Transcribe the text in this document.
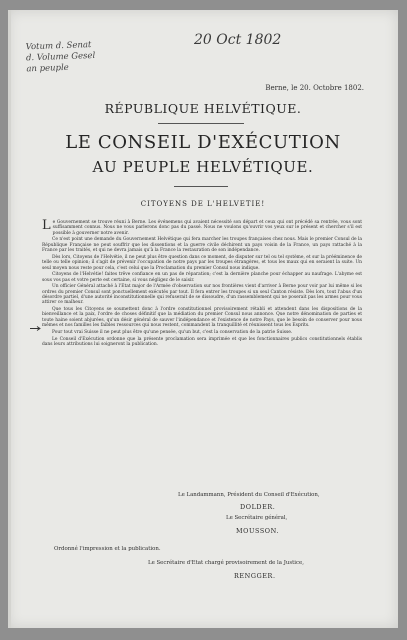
Votum d. Senat
d. Volume Gesel
an peuple
20 Oct 1802
Berne, le 20. Octobre 1802.
RÉPUBLIQUE HELVÉTIQUE.
LE CONSEIL D'EXÉCUTION
AU PEUPLE HELVÉTIQUE.
CITOYENS DE L'HELVETIE!

Le Gouvernement se trouve réuni à Berne. Les événemens qui avaient nécessité son départ et ceux qui ont précédé sa rentrée, vous sont suffisamment connus. Nous ne vous parlerons donc pas du passé. Nous ne voulons qu'ouvrir vos yeux sur le présent et chercher s'il est possible à gouverner notre avenir.

Ce n'est point une demande du Gouvernement Helvétique qui fera marcher les troupes françaises chez nous. Mais le premier Consul de la République Française ne peut souffrir que les dissentions et la guerre civile déchirent un pays voisin de la France, un pays rattaché à la France par les traités, et qui ne devra jamais qu'à la France la restauration de son indépendance.

Dès lors, Citoyens de l'Helvétie, il ne peut plus être question dans ce moment, de disputer sur tel ou tel système, et sur la prééminence de telle ou telle opinion; il s'agit de prévenir l'occupation de notre pays par les troupes étrangères, et tous les maux qui en seraient la suite. Un seul moyen nous reste pour cela, c'est celui que la Proclamation du premier Consul nous indique.

Citoyens de l'Helvétie! faites trêve confiance en un pas de réparation; c'est la dernière planche pour échapper au naufrage. L'abyme est sous vos pas et votre perte est certaine, si vous négligez de le saisir.

Un officier Général attaché à l'Etat major de l'Armée d'observation sur nos frontières vient d'arriver à Berne pour voir par lui même si les ordres du premier Consul sont ponctuellement exécutés par tout. Il fera entrer les troupes si un seul Canton résiste. Dès lors, tout l'abus d'un désordre partiel, d'une autorité inconstitutionnelle qui refuserait de se dissoudre, d'un rassemblement qui ne poserait pas les armes pour vous attirer ce malheur.

Que tous les Citoyens se soumettent donc à l'ordre constitutionnel provisoirement rétabli et attendent dans les dispositions de la bienveillance et la paix, l'ordre de choses définitif que la médiation du premier Consul nous annonce. Que notre dénomination de parties et toute haine soient abjurées, qu'un désir général de sauver l'indépendance et l'existence de notre Pays, que le besoin de conserver pour nous mêmes et nos familles les faibles ressources qui nous restent, commandent la tranquillité et réunissent tous les Esprits.

Pour tout vrai Suisse il ne peut plus être qu'une pensée, qu'un but, c'est la conservation de la patrie Suisse.

Le Conseil d'Exécution ordonne que la présente proclamation sera imprimée et que les fonctionnaires publics constitutionnels établis dans leurs attributions lui soigneront la publication.

Le Landammann, Président du Conseil d'Exécution,
DOLDER.
Le Secrétaire général,
MOUSSON.
Ordonné l'impression et la publication.
Le Secrétaire d'Etat chargé provisoirement de la Justice,
RENGGER.
